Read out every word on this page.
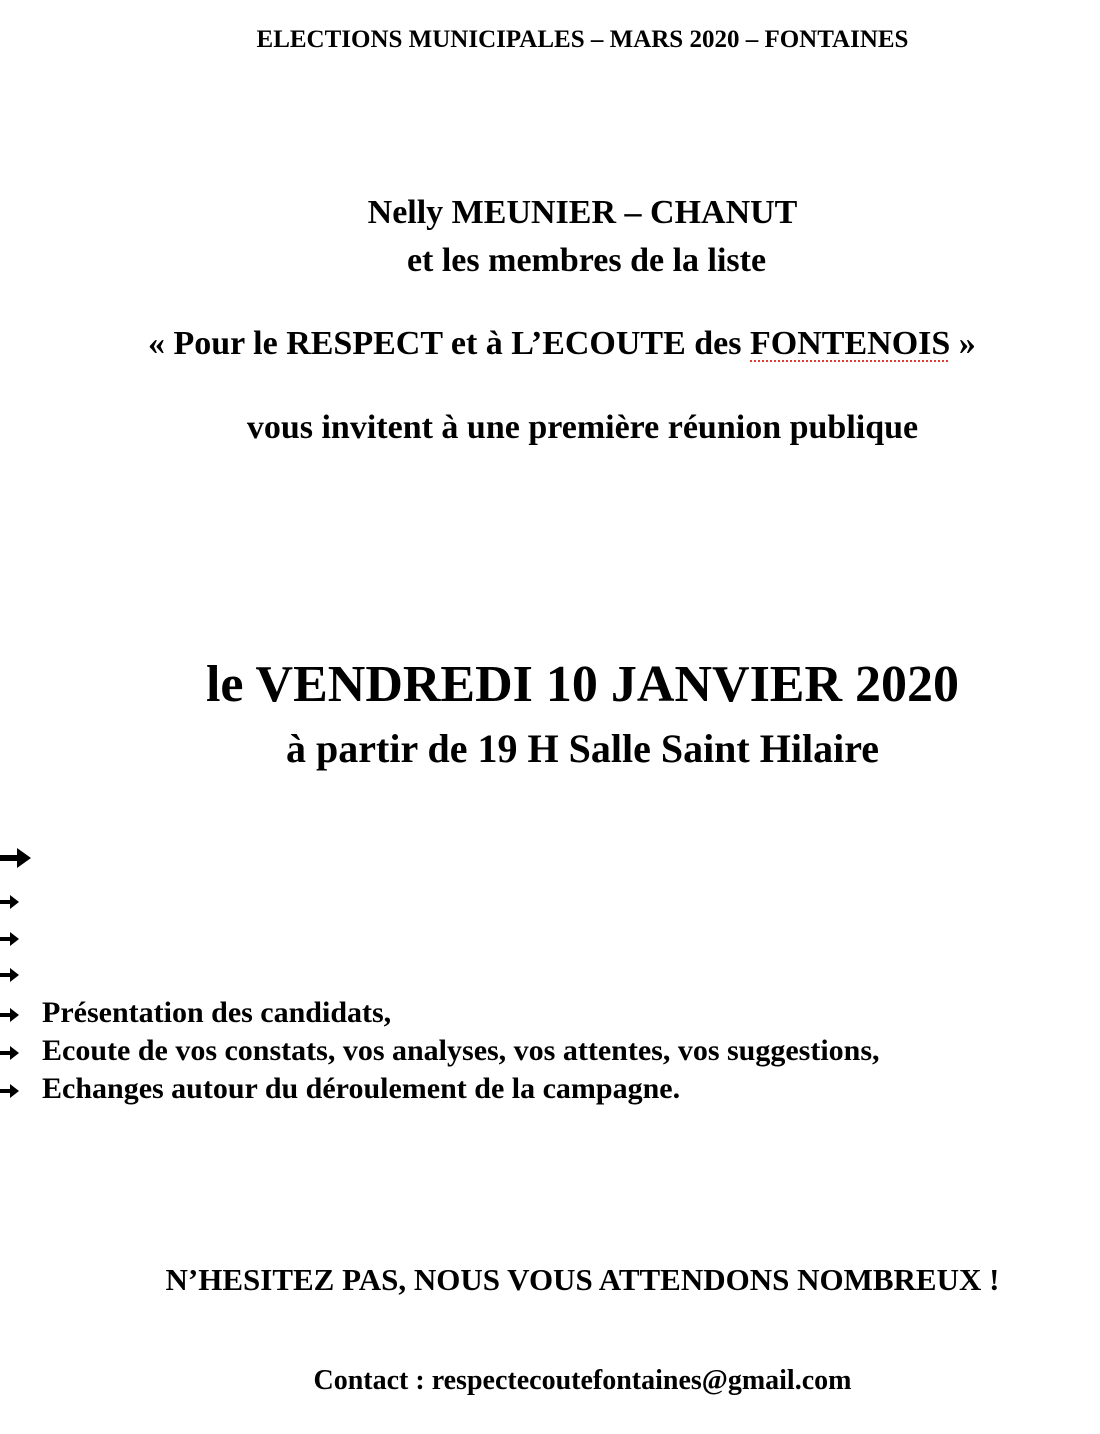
ELECTIONS MUNICIPALES – MARS 2020 – FONTAINES
Nelly MEUNIER – CHANUT
et les membres de la liste
« Pour le RESPECT et à L’ECOUTE des FONTENOIS »
vous invitent à une première réunion publique
le VENDREDI 10 JANVIER 2020
à partir de 19 H Salle Saint Hilaire
Présentation des candidats,
Ecoute de vos constats, vos analyses, vos attentes, vos suggestions,
Echanges autour du déroulement de la campagne.
N’HESITEZ PAS, NOUS VOUS ATTENDONS NOMBREUX !
Contact : respectecoutefontaines@gmail.com
